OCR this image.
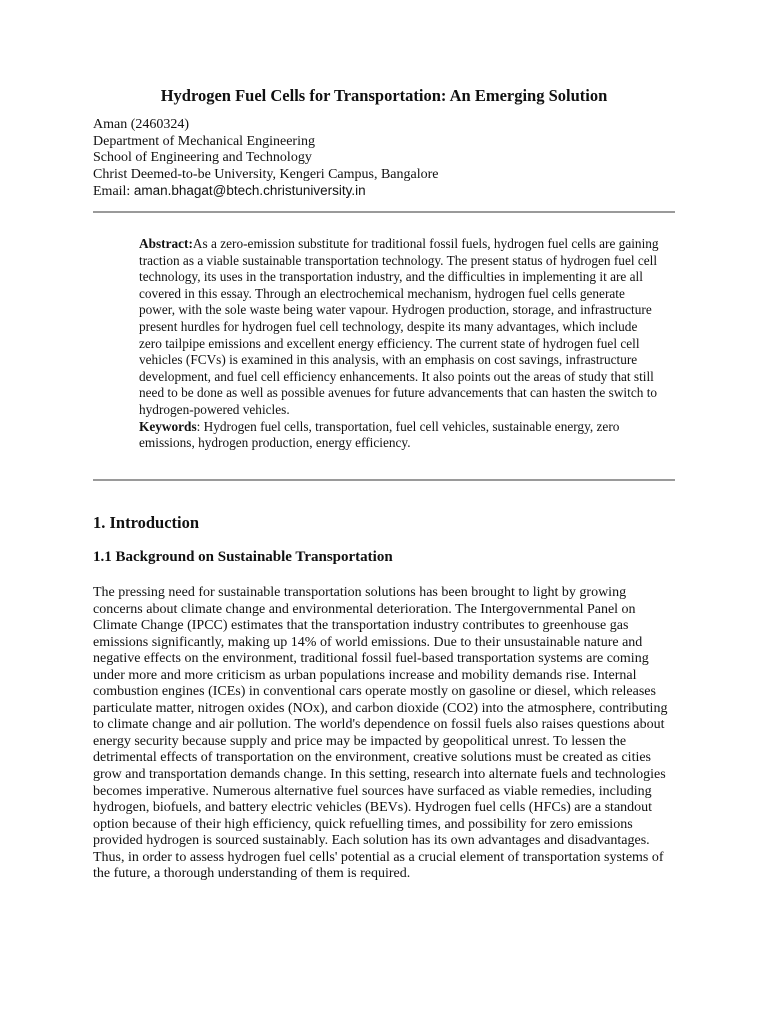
Hydrogen Fuel Cells for Transportation: An Emerging Solution
Aman (2460324)
Department of Mechanical Engineering
School of Engineering and Technology
Christ Deemed-to-be University, Kengeri Campus, Bangalore
Email: aman.bhagat@btech.christuniversity.in

Abstract:As a zero-emission substitute for traditional fossil fuels, hydrogen fuel cells are gaining traction as a viable sustainable transportation technology. The present status of hydrogen fuel cell technology, its uses in the transportation industry, and the difficulties in implementing it are all covered in this essay. Through an electrochemical mechanism, hydrogen fuel cells generate power, with the sole waste being water vapour. Hydrogen production, storage, and infrastructure present hurdles for hydrogen fuel cell technology, despite its many advantages, which include zero tailpipe emissions and excellent energy efficiency. The current state of hydrogen fuel cell vehicles (FCVs) is examined in this analysis, with an emphasis on cost savings, infrastructure development, and fuel cell efficiency enhancements. It also points out the areas of study that still need to be done as well as possible avenues for future advancements that can hasten the switch to hydrogen-powered vehicles.

Keywords: Hydrogen fuel cells, transportation, fuel cell vehicles, sustainable energy, zero emissions, hydrogen production, energy efficiency.

1. Introduction
1.1 Background on Sustainable Transportation

The pressing need for sustainable transportation solutions has been brought to light by growing concerns about climate change and environmental deterioration. The Intergovernmental Panel on Climate Change (IPCC) estimates that the transportation industry contributes to greenhouse gas emissions significantly, making up 14% of world emissions. Due to their unsustainable nature and negative effects on the environment, traditional fossil fuel-based transportation systems are coming under more and more criticism as urban populations increase and mobility demands rise. Internal combustion engines (ICEs) in conventional cars operate mostly on gasoline or diesel, which releases particulate matter, nitrogen oxides (NOx), and carbon dioxide (CO2) into the atmosphere, contributing to climate change and air pollution. The world's dependence on fossil fuels also raises questions about energy security because supply and price may be impacted by geopolitical unrest. To lessen the detrimental effects of transportation on the environment, creative solutions must be created as cities grow and transportation demands change. In this setting, research into alternate fuels and technologies becomes imperative. Numerous alternative fuel sources have surfaced as viable remedies, including hydrogen, biofuels, and battery electric vehicles (BEVs). Hydrogen fuel cells (HFCs) are a standout option because of their high efficiency, quick refuelling times, and possibility for zero emissions provided hydrogen is sourced sustainably. Each solution has its own advantages and disadvantages. Thus, in order to assess hydrogen fuel cells' potential as a crucial element of transportation systems of the future, a thorough understanding of them is required.
